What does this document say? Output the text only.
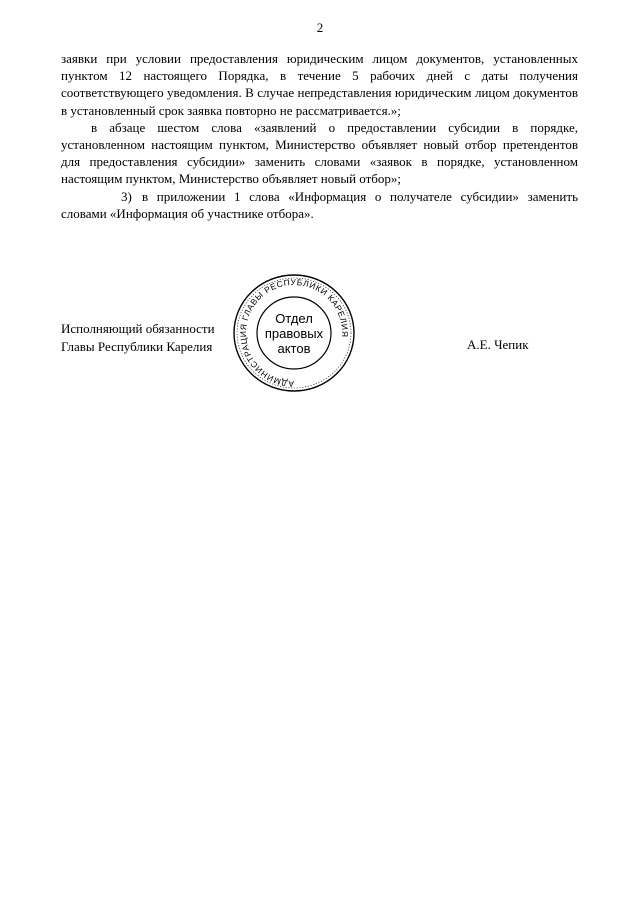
2

заявки при условии предоставления юридическим лицом документов, установленных пунктом 12 настоящего Порядка, в течение 5 рабочих дней с даты получения соответствующего уведомления. В случае непредставления юридическим лицом документов в установленный срок заявка повторно не рассматривается.»;

в абзаце шестом слова «заявлений о предоставлении субсидии в порядке, установленном настоящим пунктом, Министерство объявляет новый отбор претендентов для предоставления субсидии» заменить словами «заявок в порядке, установленном настоящим пунктом, Министерство объявляет новый отбор»;

3) в приложении 1 слова «Информация о получателе субсидии» заменить словами «Информация об участнике отбора».

Исполняющий обязанности
Главы Республики Карелия	А.Е. Чепик
АДМИНИСТРАЦИЯ ГЛАВЫ РЕСПУБЛИКИ КАРЕЛИЯ
Отдел
правовых
актов
